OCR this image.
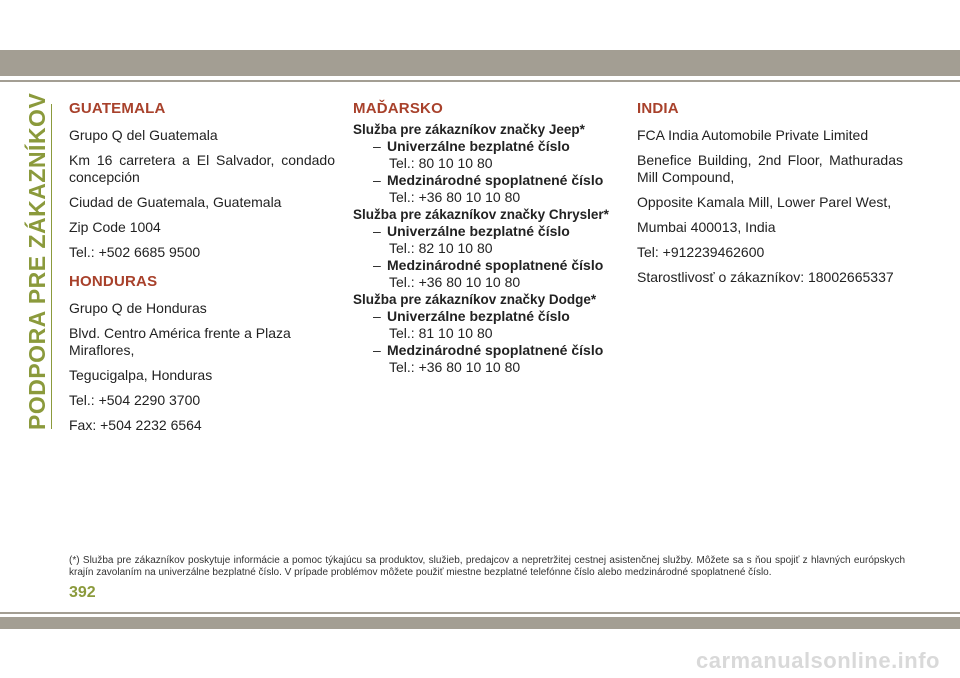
PODPORA PRE ZÁKAZNÍKOV GUATEMALA
Grupo Q del Guatemala
Km 16 carretera a El Salvador, condado concepción
Ciudad de Guatemala, Guatemala
Zip Code 1004
Tel.: +502 6685 9500
HONDURAS
Grupo Q de Honduras
Blvd. Centro América frente a Plaza Miraflores,
Tegucigalpa, Honduras
Tel.: +504 2290 3700
Fax: +504 2232 6564
MAĎARSKO
Služba pre zákazníkov značky Jeep*
– Univerzálne bezplatné číslo
Tel.: 80 10 10 80
– Medzinárodné spoplatnené číslo
Tel.: +36 80 10 10 80
Služba pre zákazníkov značky Chrysler*
– Univerzálne bezplatné číslo
Tel.: 82 10 10 80
– Medzinárodné spoplatnené číslo
Tel.: +36 80 10 10 80
Služba pre zákazníkov značky Dodge*
– Univerzálne bezplatné číslo
Tel.: 81 10 10 80
– Medzinárodné spoplatnené číslo
Tel.: +36 80 10 10 80
INDIA
FCA India Automobile Private Limited
Benefice Building, 2nd Floor, Mathuradas Mill Compound,
Opposite Kamala Mill, Lower Parel West,
Mumbai 400013, India
Tel: +912239462600
Starostlivosť o zákazníkov: 18002665337
(*) Služba pre zákazníkov poskytuje informácie a pomoc týkajúcu sa produktov, služieb, predajcov a nepretržitej cestnej asistenčnej služby. Môžete sa s ňou spojiť z hlavných európskych krajín zavolaním na univerzálne bezplatné číslo. V prípade problémov môžete použiť miestne bezplatné telefónne číslo alebo medzinárodné spoplatnené číslo.
392
carmanualsonline.info
